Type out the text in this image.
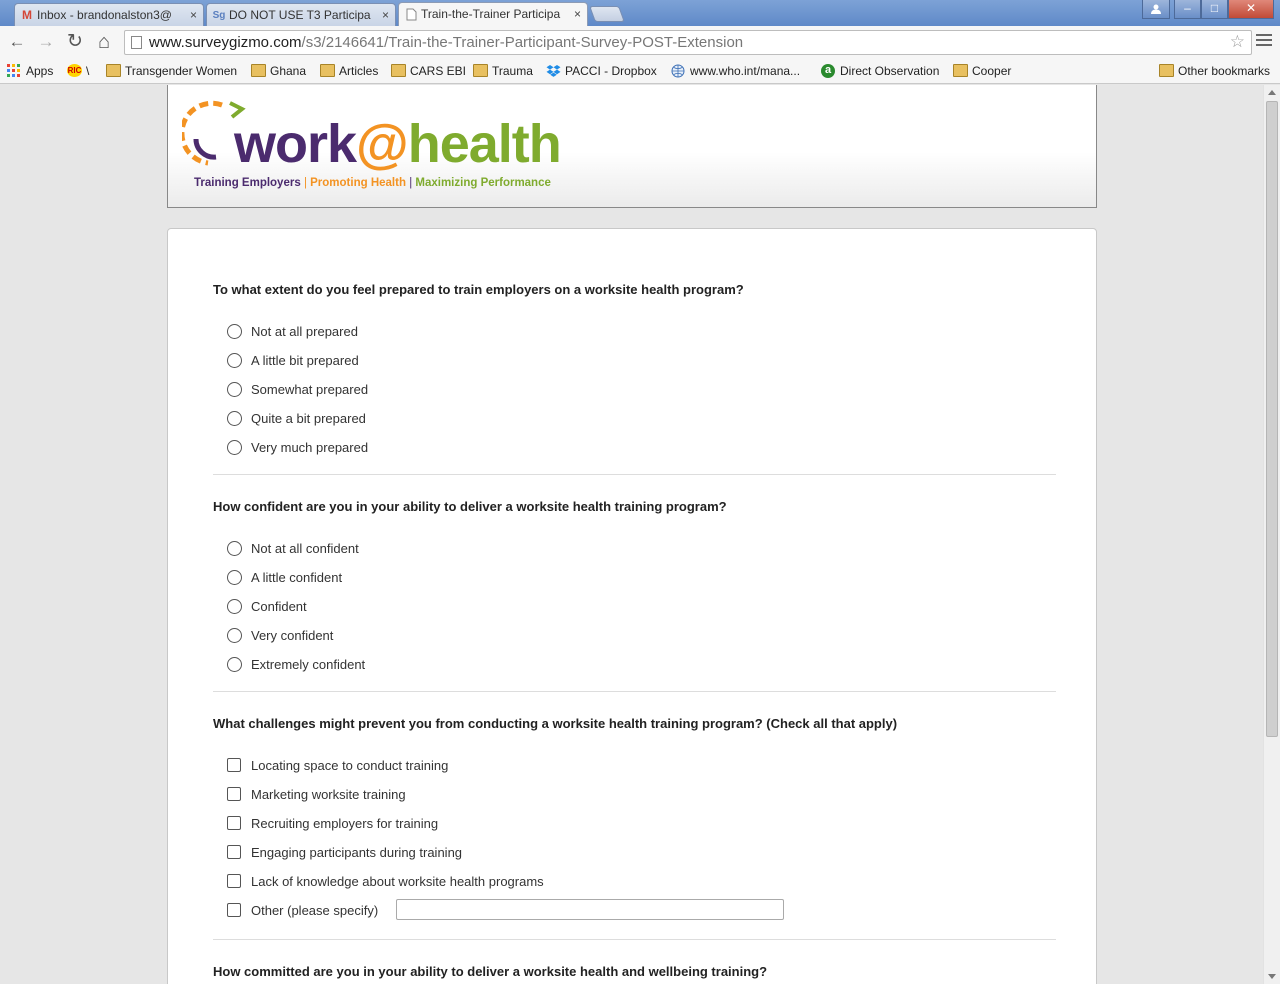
M Inbox - brandonalston3@	× Sg DO NOT USE T3 Participa ×	Train-the-Trainer Participa	×	–	□	✕
← → ↻ ⌂	www.surveygizmo.com/s3/2146641/Train-the-Trainer-Participant-Survey-POST-Extension	☆
Apps RIC \	Transgender Women	Ghana	Articles	CARS EBI	Trauma	PACCI - Dropbox	www.who.int/mana...	a Direct Observation	Cooper	Other bookmarks
work@health
Training Employers | Promoting Health | Maximizing Performance
To what extent do you feel prepared to train employers on a worksite health program?
Not at all prepared
A little bit prepared
Somewhat prepared
Quite a bit prepared
Very much prepared
How confident are you in your ability to deliver a worksite health training program?
Not at all confident
A little confident
Confident
Very confident
Extremely confident
What challenges might prevent you from conducting a worksite health training program? (Check all that apply)
Locating space to conduct training
Marketing worksite training
Recruiting employers for training
Engaging participants during training
Lack of knowledge about worksite health programs
Other (please specify)
How committed are you in your ability to deliver a worksite health and wellbeing training?
